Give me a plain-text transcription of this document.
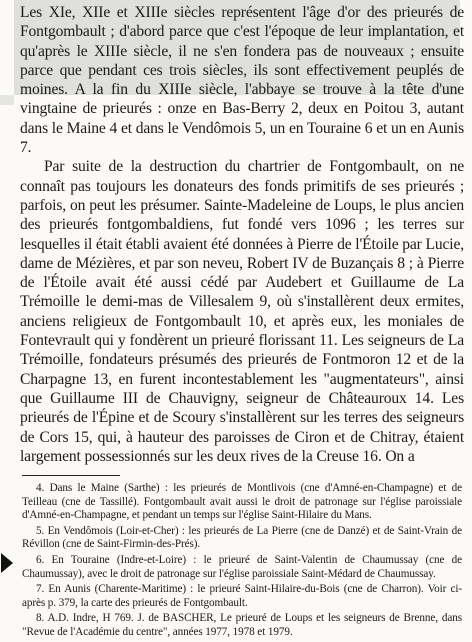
Les XIe, XIIe et XIIIe siècles représentent l'âge d'or des prieurés de Fontgombault ; d'abord parce que c'est l'époque de leur implantation, et qu'après le XIIIe siècle, il ne s'en fondera pas de nouveaux ; ensuite parce que pendant ces trois siècles, ils sont effectivement peuplés de moines. A la fin du XIIIe siècle, l'abbaye se trouve à la tête d'une vingtaine de prieurés : onze en Bas-Berry 2, deux en Poitou 3, autant dans le Maine 4 et dans le Vendômois 5, un en Touraine 6 et un en Aunis 7.

Par suite de la destruction du chartrier de Fontgombault, on ne connaît pas toujours les donateurs des fonds primitifs de ses prieurés ; parfois, on peut les présumer. Sainte-Madeleine de Loups, le plus ancien des prieurés fontgombaldiens, fut fondé vers 1096 ; les terres sur lesquelles il était établi avaient été données à Pierre de l'Étoile par Lucie, dame de Mézières, et par son neveu, Robert IV de Buzançais 8 ; à Pierre de l'Étoile avait été aussi cédé par Audebert et Guillaume de La Trémoille le demi-mas de Villesalem 9, où s'installèrent deux ermites, anciens religieux de Fontgombault 10, et après eux, les moniales de Fontevrault qui y fondèrent un prieuré florissant 11. Les seigneurs de La Trémoille, fondateurs présumés des prieurés de Fontmoron 12 et de la Charpagne 13, en furent incontestablement les "augmentateurs", ainsi que Guillaume III de Chauvigny, seigneur de Châteauroux 14. Les prieurés de l'Épine et de Scoury s'installèrent sur les terres des seigneurs de Cors 15, qui, à hauteur des paroisses de Ciron et de Chitray, étaient largement possessionnés sur les deux rives de la Creuse 16. On a

4. Dans le Maine (Sarthe) : les prieurés de Montlivois (cne d'Amné-en-Champagne) et de Teilleau (cne de Tassillé). Fontgombault avait aussi le droit de patronage sur l'église paroissiale d'Amné-en-Champagne, et pendant un temps sur l'église Saint-Hilaire du Mans.

5. En Vendômois (Loir-et-Cher) : les prieurés de La Pierre (cne de Danzé) et de Saint-Vrain de Révillon (cne de Saint-Firmin-des-Prés).

6. En Touraine (Indre-et-Loire) : le prieuré de Saint-Valentin de Chaumussay (cne de Chaumussay), avec le droit de patronage sur l'église paroissiale Saint-Médard de Chaumussay.

7. En Aunis (Charente-Maritime) : le prieuré Saint-Hilaire-du-Bois (cne de Charron). Voir ci-après p. 379, la carte des prieurés de Fontgombault.

8. A.D. Indre, H 769. J. de BASCHER, Le prieuré de Loups et les seigneurs de Brenne, dans "Revue de l'Académie du centre", années 1977, 1978 et 1979.
